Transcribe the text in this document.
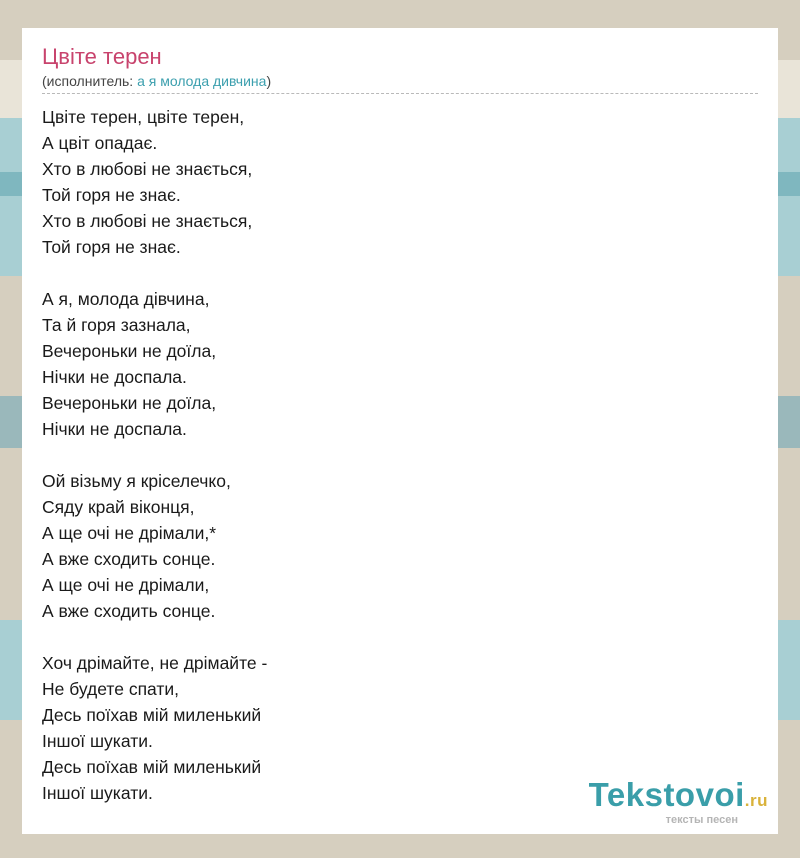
Цвіте терен
(исполнитель: а я молода дивчина)
Цвіте терен, цвіте терен,
А цвіт опадає.
Хто в любові не знається,
Той горя не знає.
Хто в любові не знається,
Той горя не знає.
А я, молода дівчина,
Та й горя зазнала,
Вечероньки не доїла,
Нічки не доспала.
Вечероньки не доїла,
Нічки не доспала.
Ой візьму я кріселечко,
Сяду край віконця,
А ще очі не дрімали,*
А вже сходить сонце.
А ще очі не дрімали,
А вже сходить сонце.
Хоч дрімайте, не дрімайте -
Не будете спати,
Десь поїхав мій миленький
Іншої шукати.
Десь поїхав мій миленький
Іншої шукати.	Tekstovoi.ru
тексты песен
